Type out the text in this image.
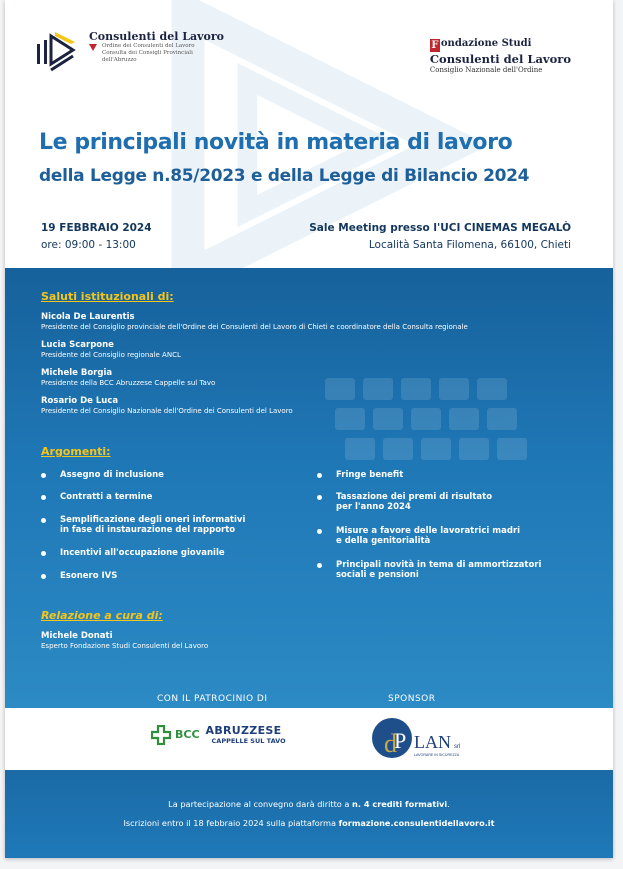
Consulenti del Lavoro
Ordine dei Consulenti del Lavoro
Consulta dei Consigli Provinciali
dell'Abruzzo
F ondazione Studi
Consulenti del Lavoro
Consiglio Nazionale dell'Ordine
Le principali novità in materia di lavoro
della Legge n.85/2023 e della Legge di Bilancio 2024
19 FEBBRAIO 2024
ore: 09:00 - 13:00
Sale Meeting presso l'UCI CINEMAS MEGALÒ
Località Santa Filomena, 66100, Chieti
Saluti istituzionali di:
Nicola De Laurentis
Presidente del Consiglio provinciale dell'Ordine dei Consulenti del Lavoro di Chieti e coordinatore della Consulta regionale
Lucia Scarpone
Presidente del Consiglio regionale ANCL
Michele Borgia
Presidente della BCC Abruzzese Cappelle sul Tavo
Rosario De Luca
Presidente del Consiglio Nazionale dell'Ordine dei Consulenti del Lavoro
Argomenti:
Assegno di inclusione
Contratti a termine
Semplificazione degli oneri informativi
in fase di instaurazione del rapporto
Incentivi all'occupazione giovanile
Esonero IVS
Fringe benefit
Tassazione dei premi di risultato
per l'anno 2024
Misure a favore delle lavoratrici madri
e della genitorialità
Principali novità in tema di ammortizzatori
sociali e pensioni
Relazione a cura di:
Michele Donati
Esperto Fondazione Studi Consulenti del Lavoro
CON IL PATROCINIO DI	SPONSOR
BCC ABRUZZESE
CAPPELLE SUL TAVO	d
P LAN srl
LAVORARE IN SICUREZZA
La partecipazione al convegno darà diritto a n. 4 crediti formativi.
Iscrizioni entro il 18 febbraio 2024 sulla piattaforma formazione.consulentidellavoro.it
